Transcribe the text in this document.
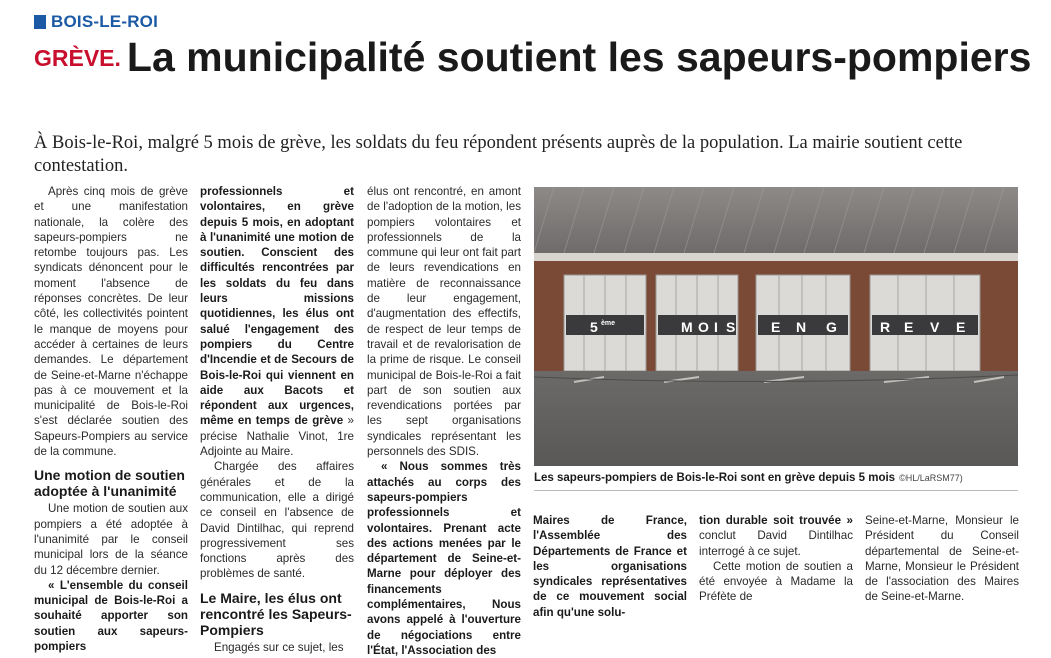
BOIS-LE-ROI
GRÈVE. La municipalité soutient les sapeurs-pompiers

À Bois-le-Roi, malgré 5 mois de grève, les soldats du feu répondent présents auprès de la population. La mairie soutient cette contestation.

Après cinq mois de grève et une manifestation nationale, la colère des sapeurs-pompiers ne retombe toujours pas. Les syndicats dénoncent pour le moment l'absence de réponses concrètes. De leur côté, les collectivités pointent le manque de moyens pour accéder à certaines de leurs demandes. Le département de Seine-et-Marne n'échappe pas à ce mouvement et la municipalité de Bois-le-Roi s'est déclarée soutien des Sapeurs-Pompiers au service de la commune.

Une motion de soutien adoptée à l'unanimité

Une motion de soutien aux pompiers a été adoptée à l'unanimité par le conseil municipal lors de la séance du 12 décembre dernier.

« L'ensemble du conseil municipal de Bois-le-Roi a souhaité apporter son soutien aux sapeurs-pompiers

professionnels et volontaires, en grève depuis 5 mois, en adoptant à l'unanimité une motion de soutien. Conscient des difficultés rencontrées par les soldats du feu dans leurs missions quotidiennes, les élus ont salué l'engagement des pompiers du Centre d'Incendie et de Secours de Bois-le-Roi qui viennent en aide aux Bacots et répondent aux urgences, même en temps de grève » précise Nathalie Vinot, 1re Adjointe au Maire.

Chargée des affaires générales et de la communication, elle a dirigé ce conseil en l'absence de David Dintilhac, qui reprend progressivement ses fonctions après des problèmes de santé.

Le Maire, les élus ont rencontré les Sapeurs-Pompiers

Engagés sur ce sujet, les

élus ont rencontré, en amont de l'adoption de la motion, les pompiers volontaires et professionnels de la commune qui leur ont fait part de leurs revendications en matière de reconnaissance de leur engagement, d'augmentation des effectifs, de respect de leur temps de travail et de revalorisation de la prime de risque. Le conseil municipal de Bois-le-Roi a fait part de son soutien aux revendications portées par les sept organisations syndicales représentant les personnels des SDIS.

« Nous sommes très attachés au corps des sapeurs-pompiers professionnels et volontaires. Prenant acte des actions menées par le département de Seine-et-Marne pour déployer des financements complémentaires, Nous avons appelé à l'ouverture de négociations entre l'État, l'Association des

5 ème	M O I S	E N G	R E V E
Les sapeurs-pompiers de Bois-le-Roi sont en grève depuis 5 mois ©HL/LaRSM77)

Maires de France, l'Assemblée des Départements de France et les organisations syndicales représentatives de ce mouvement social afin qu'une solu-

tion durable soit trouvée » conclut David Dintilhac interrogé à ce sujet.

Cette motion de soutien a été envoyée à Madame la Préfète de

Seine-et-Marne, Monsieur le Président du Conseil départemental de Seine-et-Marne, Monsieur le Président de l'association des Maires de Seine-et-Marne.
